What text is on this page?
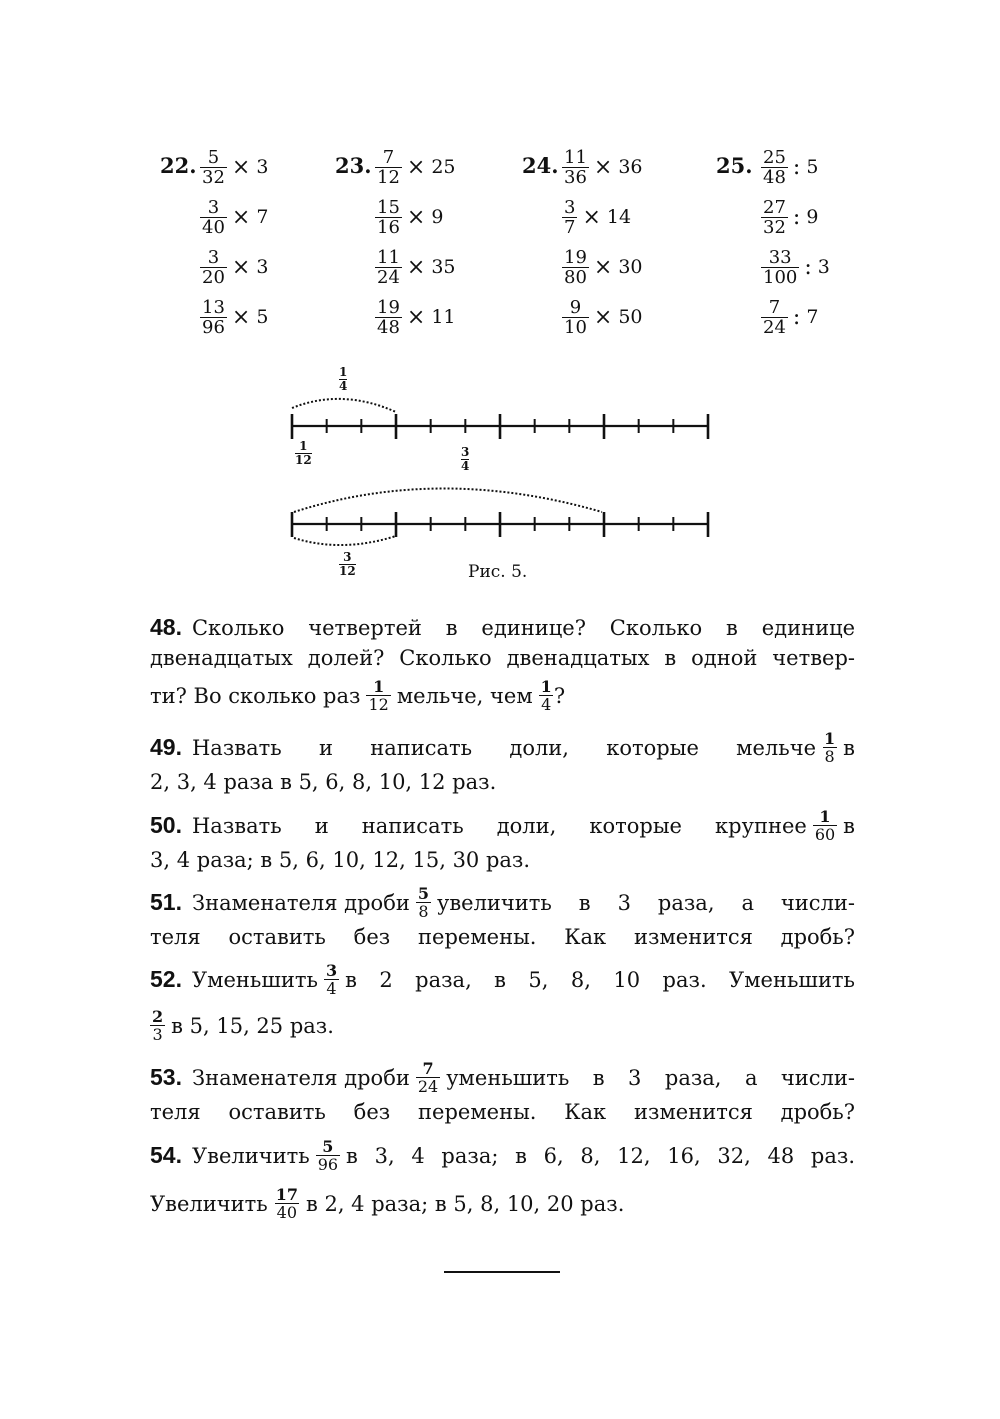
22. $\frac{5}{32} \times 3$
$\frac{3}{40} \times 7$
$\frac{3}{20} \times 3$
$\frac{13}{96} \times 5$
23. $\frac{7}{12} \times 25$
$\frac{15}{16} \times 9$
$\frac{11}{24} \times 35$
$\frac{19}{48} \times 11$
24. $\frac{11}{36} \times 36$
$\frac{3}{7} \times 14$
$\frac{19}{80} \times 30$
$\frac{9}{10} \times 50$
25. $\frac{25}{48}$ : 5
$\frac{27}{32}$ : 9
$\frac{33}{100}$ : 3
$\frac{7}{24}$ : 7
$\frac{1}{4}$
$\frac{1}{12}$	$\frac{3}{4}$
$\frac{3}{12}$	Рис. 5.
48. Сколько четвертей в единице? Сколько в единице
двенадцатых долей? Сколько двенадцатых в одной четвер-
ти? Во сколько раз $\frac{1}{12}$ мельче, чем $\frac{1}{4}$ ?
49. Назвать и написать доли, которые мельче $\frac{1}{8}$ в
2, 3, 4 раза в 5, 6, 8, 10, 12 раз.
50. Назвать и написать доли, которые крупнее $\frac{1}{60}$ в
3, 4 раза; в 5, 6, 10, 12, 15, 30 раз.
51. Знаменателя дроби $\frac{5}{8}$ увеличить в 3 раза, а числи-
теля оставить без перемены. Как изменится дробь?
52. Уменьшить $\frac{3}{4}$ в 2 раза, в 5, 8, 10 раз. Уменьшить
$\frac{2}{3}$ в 5, 15, 25 раз.
53. Знаменателя дроби $\frac{7}{24}$ уменьшить в 3 раза, а числи-
теля оставить без перемены. Как изменится дробь?
54. Увеличить $\frac{5}{96}$ в 3, 4 раза; в 6, 8, 12, 16, 32, 48 раз.
Увеличить $\frac{17}{40}$ в 2, 4 раза; в 5, 8, 10, 20 раз.
